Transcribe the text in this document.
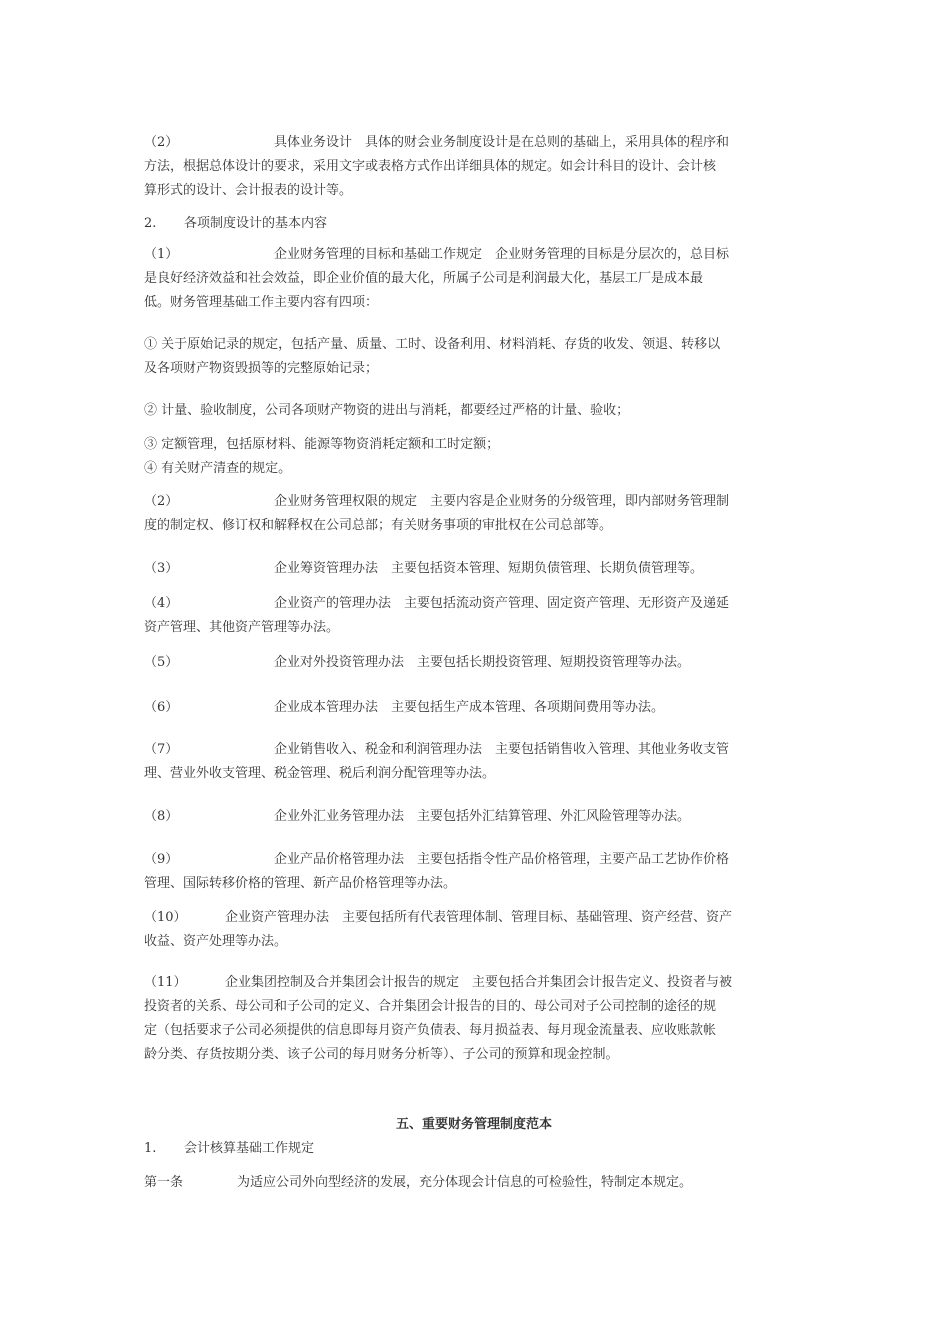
（2）	具体业务设计　具体的财会业务制度设计是在总则的基础上，采用具体的程序和
方法，根据总体设计的要求，采用文字或表格方式作出详细具体的规定。如会计科目的设计、会计核
算形式的设计、会计报表的设计等。
2. 各项制度设计的基本内容
（1）	企业财务管理的目标和基础工作规定　企业财务管理的目标是分层次的，总目标
是良好经济效益和社会效益，即企业价值的最大化，所属子公司是利润最大化，基层工厂是成本最
低。财务管理基础工作主要内容有四项：
① 关于原始记录的规定，包括产量、质量、工时、设备利用、材料消耗、存货的收发、领退、转移以
及各项财产物资毁损等的完整原始记录；
② 计量、验收制度，公司各项财产物资的进出与消耗，都要经过严格的计量、验收；
③ 定额管理，包括原材料、能源等物资消耗定额和工时定额；
④ 有关财产清查的规定。
（2）	企业财务管理权限的规定　主要内容是企业财务的分级管理，即内部财务管理制
度的制定权、修订权和解释权在公司总部；有关财务事项的审批权在公司总部等。
（3）	企业筹资管理办法　主要包括资本管理、短期负债管理、长期负债管理等。
（4）	企业资产的管理办法　主要包括流动资产管理、固定资产管理、无形资产及递延
资产管理、其他资产管理等办法。
（5）	企业对外投资管理办法　主要包括长期投资管理、短期投资管理等办法。
（6）	企业成本管理办法　主要包括生产成本管理、各项期间费用等办法。
（7）	企业销售收入、税金和利润管理办法　主要包括销售收入管理、其他业务收支管
理、营业外收支管理、税金管理、税后利润分配管理等办法。
（8）	企业外汇业务管理办法　主要包括外汇结算管理、外汇风险管理等办法。
（9）	企业产品价格管理办法　主要包括指令性产品价格管理，主要产品工艺协作价格
管理、国际转移价格的管理、新产品价格管理等办法。
（10）	企业资产管理办法　主要包括所有代表管理体制、管理目标、基础管理、资产经营、资产
收益、资产处理等办法。
（11）	企业集团控制及合并集团会计报告的规定　主要包括合并集团会计报告定义、投资者与被
投资者的关系、母公司和子公司的定义、合并集团会计报告的目的、母公司对子公司控制的途径的规
定（包括要求子公司必须提供的信息即每月资产负债表、每月损益表、每月现金流量表、应收账款帐
龄分类、存货按期分类、该子公司的每月财务分析等）、子公司的预算和现金控制。
五、重要财务管理制度范本
1. 会计核算基础工作规定
第一条	为适应公司外向型经济的发展，充分体现会计信息的可检验性，特制定本规定。
